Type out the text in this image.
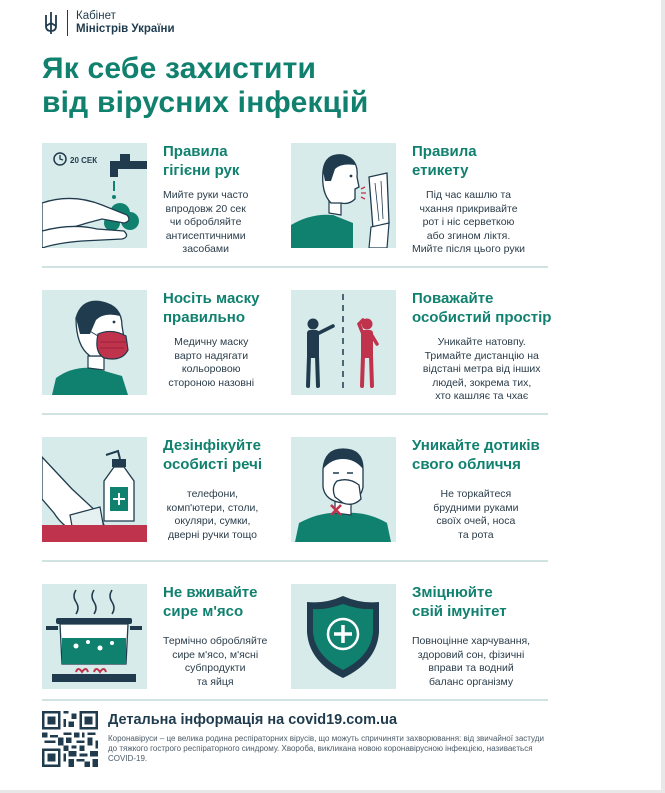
Кабінет
Міністрів України
Як себе захистити
від вірусних інфекцій
20 СЕК
Правила
гігієни рук
Мийте руки часто
впродовж 20 сек
чи обробляйте
антисептичними
засобами
Правила
етикету
Під час кашлю та
чхання прикривайте
рот і ніс серветкою
або згином ліктя.
Мийте після цього руки
Носіть маску
правильно
Медичну маску
варто надягати
кольоровою
стороною назовні
Поважайте
особистий простір
Уникайте натовпу.
Тримайте дистанцію на
відстані метра від інших
людей, зокрема тих,
хто кашляє та чхає
Дезінфікуйте
особисті речі
телефони,
комп'ютери, столи,
окуляри, сумки,
дверні ручки тощо
Уникайте дотиків
свого обличчя
Не торкайтеся
брудними руками
своїх очей, носа
та рота
Не вживайте
сире м'ясо
Термічно обробляйте
сире м'ясо, м'ясні
субпродукти
та яйця
Зміцнюйте
свій імунітет
Повноцінне харчування,
здоровий сон, фізичні
вправи та водний
баланс організму
Детальна інформація на covid19.com.ua
Коронавіруси – це велика родина респіраторних вірусів, що можуть спричиняти захворювання: від звичайної застуди до тяжкого гострого респіраторного синдрому. Хвороба, викликана новою коронавірусною інфекцією, називається COVID-19.
